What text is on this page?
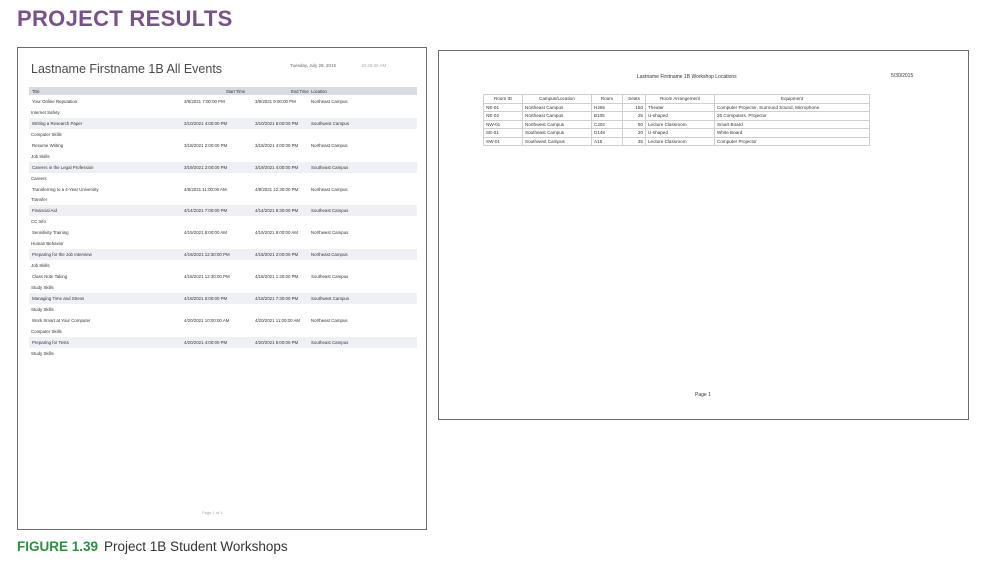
PROJECT RESULTS
Lastname Firstname 1B All Events	Tuesday, July 28, 2015	10:45:30 AM
Title	Start Time	End Time Location
Your Online Reputation	3/9/2021 7:00:00 PM	3/9/2021 9:00:00 PM	Northeast Campus
Internet Safety
Writing a Research Paper	3/10/2021 4:00:00 PM	3/10/2021 6:00:00 PM	Southwest Campus
Computer Skills
Resume Writing	3/18/2021 2:00:00 PM	3/18/2021 4:00:00 PM	Northeast Campus
Job Skills
Careers in the Legal Profession	3/19/2021 2:00:00 PM	3/19/2021 4:00:00 PM	Southeast Campus
Careers
Transferring to a 4-Year University	4/8/2021 11:00:00 AM	4/8/2021 12:30:00 PM	Northeast Campus
Transfer
Financial Aid	4/14/2021 7:00:00 PM	4/14/2021 8:30:00 PM	Southeast Campus
CC Info
Sensitivity Training	4/15/2021 8:00:00 AM	4/15/2021 9:00:00 AM	Northwest Campus
Human Behavior
Preparing for the Job Interview	4/15/2021 12:30:00 PM	4/15/2021 2:00:00 PM	Northeast Campus
Job Skills
Class Note Taking	4/18/2021 12:30:00 PM	4/18/2021 1:30:00 PM	Southeast Campus
Study Skills
Managing Time and Stress	4/18/2021 6:00:00 PM	4/18/2021 7:30:00 PM	Southwest Campus
Study Skills
Work Smart at Your Computer	4/20/2021 10:00:00 AM	4/20/2021 11:00:00 AM Northeast Campus
Computer Skills
Preparing for Tests	4/20/2021 4:00:00 PM	4/20/2021 5:00:00 PM	Southeast Campus
Study Skills
Page 1 of 1
Lastname Firstname 1B Workshop Locations	5/30/2015
Room ID	Campus/Location	Room	Seats	Room Arrangement	Equipment
NE-01	Northeast Campus	H265	150	Theater	Computer Projector, Surround Sound, Microphone
NE-02	Northeast Campus	B105	25	U-shaped	25 Computers, Projector
NW-01	Northwest Campus	C202	50	Lecture Classroom	Smart Board
SE-01	Southeast Campus	D148	20	U-shaped	White Board
SW-01	Southwest Campus	A15	35	Lecture Classroom	Computer Projector
Page 1
FIGURE 1.39 Project 1B Student Workshops
